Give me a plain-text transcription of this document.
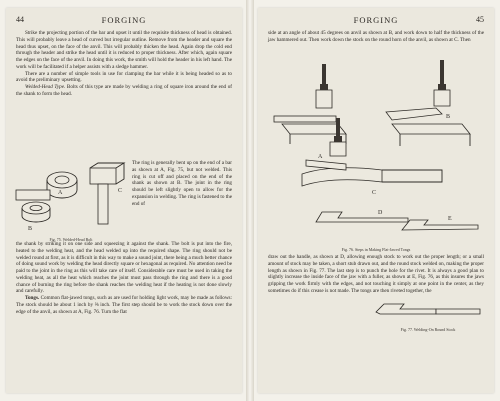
44	FORGING

Strike the projecting portion of the bar and upset it until the requisite thickness of head is obtained. This will probably leave a head of curved but irregular outline. Remove from the header and square the head thus upset, on the face of the anvil. This will probably thicken the head. Again drop the cold end through the header and strike the head until it is reduced to proper thickness. After which, again square the edges on the face of the anvil. In doing this work, the smith will hold the header in his left hand. The work will be facilitated if a helper assists with a sledge hammer.

There are a number of simple tools in use for clamping the bar while it is being headed so as to avoid the preliminary upsetting.

Welded-Head Type. Bolts of this type are made by welding a ring of square iron around the end of the shank to form the head.

A
B
C
Fig. 75. Welded-Head Bolt

The ring is generally bent up on the end of a bar as shown at A, Fig. 75, but not welded. This ring is cut off and placed on the end of the shank as shown at B. The joint in the ring should be left slightly open to allow for the expansion in welding. The ring is fastened to the end of

the shank by striking it on one side and squeezing it against the shank. The bolt is put into the fire, heated to the welding heat, and the head welded up into the required shape. The ring should not be welded round at first, as it is difficult in this way to make a sound joint, there being a much better chance of doing sound work by welding the head directly square or hexagonal as required. No attention need be paid to the joint in the ring as this will take care of itself. Considerable care must be used in taking the welding heat, as all the heat which reaches the joint must pass through the ring and there is a good chance of burning the ring before the shank reaches the welding heat if the heating is not done slowly and carefully.

Tongs. Common flat-jawed tongs, such as are used for holding light work, may be made as follows: The stock should be about 1 inch by ⅜ inch. The first step should be to work the stock down over the edge of the anvil, as shown at A, Fig. 76. Turn the flat

FORGING	45

side at an angle of about 45 degrees on anvil as shown at B, and work down to half the thickness of the jaw hammered out. Then work down the stock on the round horn of the anvil, as shown at C. Then

A
B
C
D
E
Fig. 76. Steps in Making Flat-Jawed Tongs

draw out the handle, as shown at D, allowing enough stock to work out the proper length; or a small amount of stock may be taken, a short stub drawn out, and the round stock welded on, making the proper length as shown in Fig. 77. The last step is to punch the hole for the rivet. It is always a good plan to slightly increase the inside face of the jaw with a fuller, as shown at E, Fig. 76, as this insures the jaws gripping the work firmly with the edges, and not touching it simply at one point in the center, as they sometimes do if this crease is not made. The tongs are then riveted together, the

Fig. 77. Welding-On Round Stock
